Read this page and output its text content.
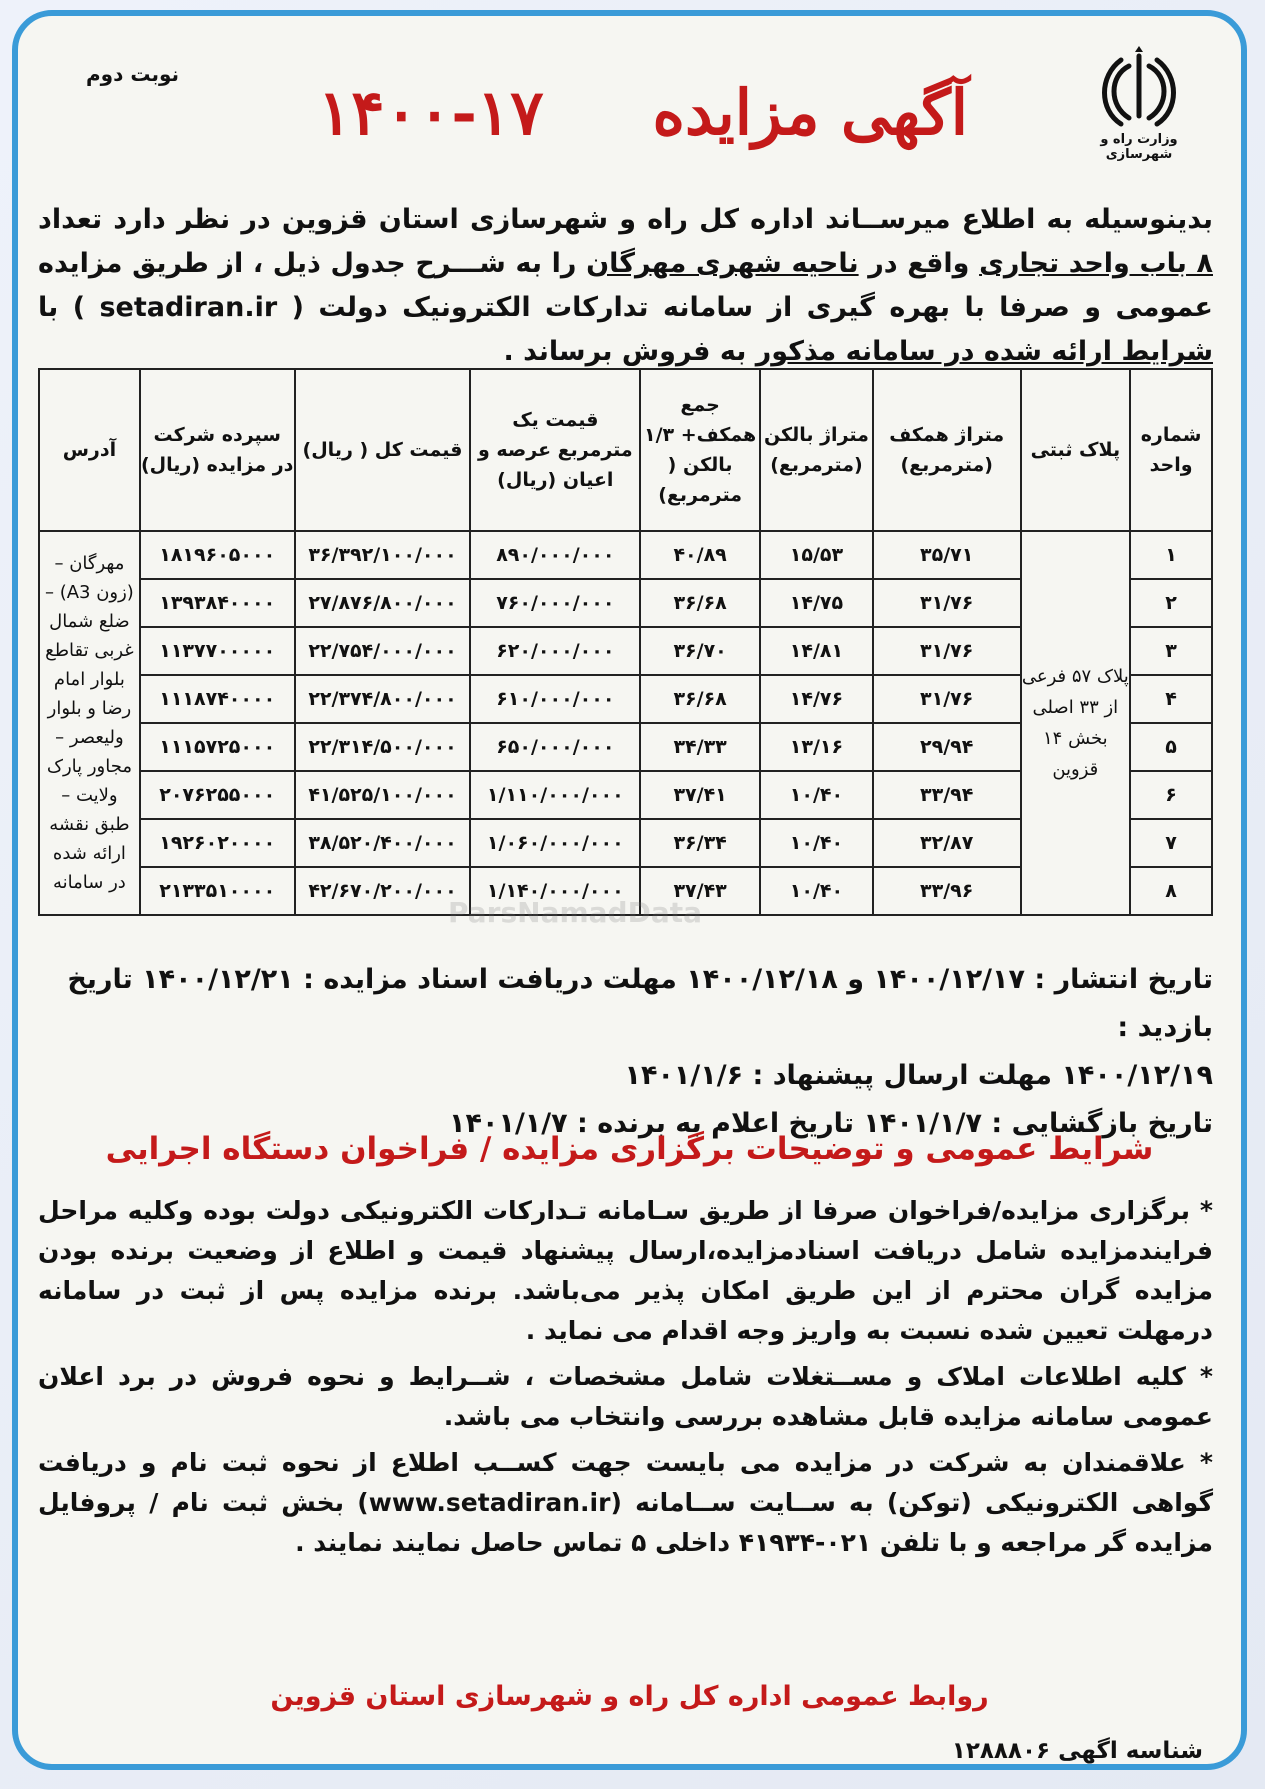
وزارت راه و شهرسازی
نوبت دوم
آگهی مزایده
۱۴۰۰-۱۷
بدینوسیله به اطلاع میرســاند اداره کل راه و شهرسازی استان قزوین در نظر دارد تعداد ۸ باب واحد تجاری واقع در ناحیه شهری مهرگان را به شـــرح جدول ذیل ، از طریق مزایده عمومی و صرفا با بهره گیری از سامانه تدارکات الکترونیک دولت ( setadiran.ir ) با شرایط ارائه شده در سامانه مذکور به فروش برساند .
شماره واحد	پلاک ثبتی	متراژ همکف (مترمربع)	متراژ بالکن (مترمربع)	جمع همکف+ ۱/۳ بالکن ( مترمربع)	قیمت یک مترمربع عرصه و اعیان (ریال)	قیمت کل ( ریال)	سپرده شرکت در مزایده (ریال)	آدرس
۱	پلاک ۵۷ فرعی از ۳۳ اصلی بخش ۱۴ قزوین	۳۵/۷۱	۱۵/۵۳	۴۰/۸۹	۸۹۰/۰۰۰/۰۰۰	۳۶/۳۹۲/۱۰۰/۰۰۰	۱۸۱۹۶۰۵۰۰۰	مهرگان – (زون A3) – ضلع شمال غربی تقاطع بلوار امام رضا و بلوار ولیعصر – مجاور پارک ولایت – طبق نقشه ارائه شده در سامانه
۲		۳۱/۷۶	۱۴/۷۵	۳۶/۶۸	۷۶۰/۰۰۰/۰۰۰	۲۷/۸۷۶/۸۰۰/۰۰۰	۱۳۹۳۸۴۰۰۰۰	
۳		۳۱/۷۶	۱۴/۸۱	۳۶/۷۰	۶۲۰/۰۰۰/۰۰۰	۲۲/۷۵۴/۰۰۰/۰۰۰	۱۱۳۷۷۰۰۰۰۰	
۴		۳۱/۷۶	۱۴/۷۶	۳۶/۶۸	۶۱۰/۰۰۰/۰۰۰	۲۲/۳۷۴/۸۰۰/۰۰۰	۱۱۱۸۷۴۰۰۰۰	
۵		۲۹/۹۴	۱۳/۱۶	۳۴/۳۳	۶۵۰/۰۰۰/۰۰۰	۲۲/۳۱۴/۵۰۰/۰۰۰	۱۱۱۵۷۲۵۰۰۰	
۶		۳۳/۹۴	۱۰/۴۰	۳۷/۴۱	۱/۱۱۰/۰۰۰/۰۰۰	۴۱/۵۲۵/۱۰۰/۰۰۰	۲۰۷۶۲۵۵۰۰۰	
۷		۳۲/۸۷	۱۰/۴۰	۳۶/۳۴	۱/۰۶۰/۰۰۰/۰۰۰	۳۸/۵۲۰/۴۰۰/۰۰۰	۱۹۲۶۰۲۰۰۰۰	
۸		۳۳/۹۶	۱۰/۴۰	۳۷/۴۳	۱/۱۴۰/۰۰۰/۰۰۰	۴۲/۶۷۰/۲۰۰/۰۰۰	۲۱۳۳۵۱۰۰۰۰	
تاریخ انتشار : ۱۴۰۰/۱۲/۱۷ و ۱۴۰۰/۱۲/۱۸ مهلت دریافت اسناد مزایده : ۱۴۰۰/۱۲/۲۱ تاریخ بازدید :
۱۴۰۰/۱۲/۱۹ مهلت ارسال پیشنهاد : ۱۴۰۱/۱/۶
تاریخ بازگشایی : ۱۴۰۱/۱/۷ تاریخ اعلام به برنده : ۱۴۰۱/۱/۷
شرایط عمومی و توضیحات برگزاری مزایده / فراخوان دستگاه اجرایی

* برگزاری مزایده/فراخوان صرفا از طریق سـامانه تـدارکات الکترونیکی دولت بوده وکلیه مراحل فرایندمزایده شامل دریافت اسنادمزایده،ارسال پیشنهاد قیمت و اطلاع از وضعیت برنده بودن مزایده گران محترم از این طریق امکان پذیر می‌باشد. برنده مزایده پس از ثبت در سامانه درمهلت تعیین شده نسبت به واریز وجه اقدام می نماید .

* کلیه اطلاعات املاک و مســتغلات شامل مشخصات ، شــرایط و نحوه فروش در برد اعلان عمومی سامانه مزایده قابل مشاهده بررسی وانتخاب می باشد.

* علاقمندان به شرکت در مزایده می بایست جهت کســب اطلاع از نحوه ثبت نام و دریافت گواهی الکترونیکی (توکن) به ســایت ســامانه (www.setadiran.ir) بخش ثبت نام / پروفایل مزایده گر مراجعه و با تلفن ۰۲۱-۴۱۹۳۴ داخلی ۵ تماس حاصل نمایند نمایند .

روابط عمومی اداره کل راه و شهرسازی استان قزوین
شناسه اگهی ۱۲۸۸۸۰۶
ParsNamadData
